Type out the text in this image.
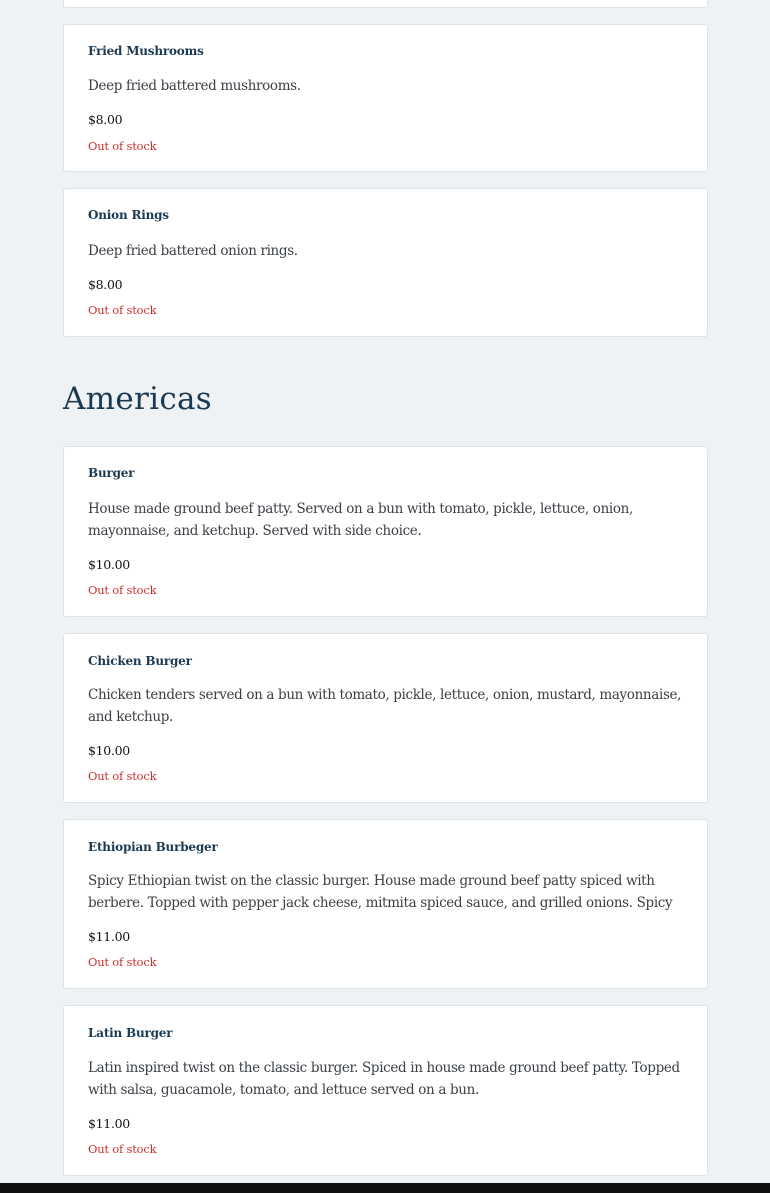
Fried Mushrooms
Deep fried battered mushrooms.
$8.00
Out of stock
Onion Rings
Deep fried battered onion rings.
$8.00
Out of stock
Americas
Burger
House made ground beef patty. Served on a bun with tomato, pickle, lettuce, onion, mayonnaise, and ketchup. Served with side choice.
$10.00
Out of stock
Chicken Burger
Chicken tenders served on a bun with tomato, pickle, lettuce, onion, mustard, mayonnaise, and ketchup.
$10.00
Out of stock
Ethiopian Burbeger
Spicy Ethiopian twist on the classic burger. House made ground beef patty spiced with berbere. Topped with pepper jack cheese, mitmita spiced sauce, and grilled onions. Spicy
$11.00
Out of stock
Latin Burger
Latin inspired twist on the classic burger. Spiced in house made ground beef patty. Topped with salsa, guacamole, tomato, and lettuce served on a bun.
$11.00
Out of stock
